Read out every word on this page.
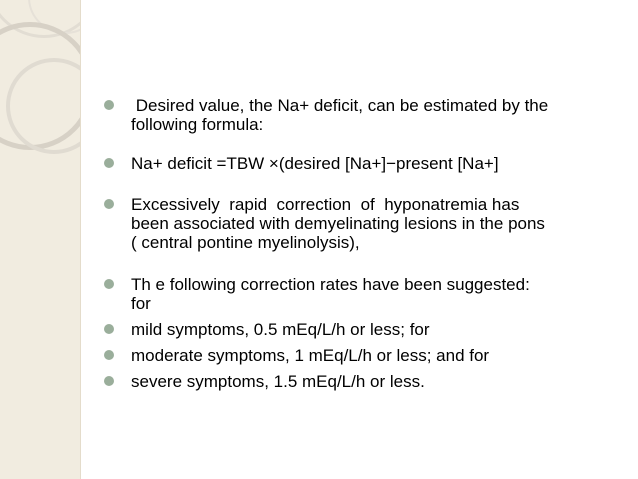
Desired value, the Na+ deficit, can be estimated by the
following formula:
Na+ deficit =TBW ×(desired [Na+]−present [Na+]
Excessively  rapid  correction  of  hyponatremia has
been associated with demyelinating lesions in the pons
( central pontine myelinolysis),
Th e following correction rates have been suggested:
for
mild symptoms, 0.5 mEq/L/h or less; for
moderate symptoms, 1 mEq/L/h or less; and for
severe symptoms, 1.5 mEq/L/h or less.
